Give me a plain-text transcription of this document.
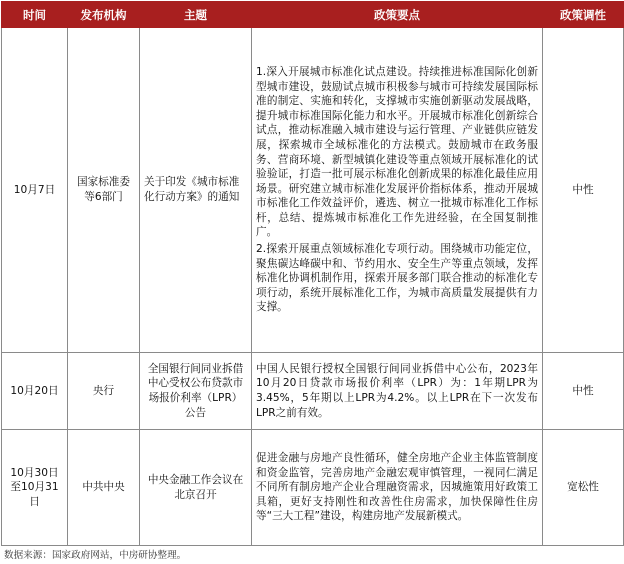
时间	发布机构	主题	政策要点	政策调性
10月7日	国家标准委等6部门	关于印发《城市标准化行动方案》的通知	1.深入开展城市标准化试点建设。持续推进标准国际化创新型城市建设，鼓励试点城市积极参与城市可持续发展国际标准的制定、实施和转化，支撑城市实施创新驱动发展战略，提升城市标准国际化能力和水平。开展城市标准化创新综合试点，推动标准融入城市建设与运行管理、产业链供应链发展，探索城市全域标准化的方法模式。鼓励城市在政务服务、营商环境、新型城镇化建设等重点领域开展标准化的试验验证，打造一批可展示标准化创新成果的标准化最佳应用场景。研究建立城市标准化发展评价指标体系，推动开展城市标准化工作效益评价，遴选、树立一批城市标准化工作标杆，总结、提炼城市标准化工作先进经验，在全国复制推广。

2.探索开展重点领域标准化专项行动。围绕城市功能定位，聚焦碳达峰碳中和、节约用水、安全生产等重点领域，发挥标准化协调机制作用，探索开展多部门联合推动的标准化专项行动，系统开展标准化工作，为城市高质量发展提供有力支撑。	中性
10月20日	央行	全国银行间同业拆借中心受权公布贷款市场报价利率（LPR）公告	中国人民银行授权全国银行间同业拆借中心公布，2023年10月20日贷款市场报价利率（LPR）为：1年期LPR为3.45%，5年期以上LPR为4.2%。以上LPR在下一次发布LPR之前有效。	中性
10月30日至10月31日	中共中央	中央金融工作会议在北京召开	促进金融与房地产良性循环，健全房地产企业主体监管制度和资金监管，完善房地产金融宏观审慎管理，一视同仁满足不同所有制房地产企业合理融资需求，因城施策用好政策工具箱，更好支持刚性和改善性住房需求，加快保障性住房等“三大工程”建设，构建房地产发展新模式。	宽松性
数据来源：国家政府网站，中房研协整理。
